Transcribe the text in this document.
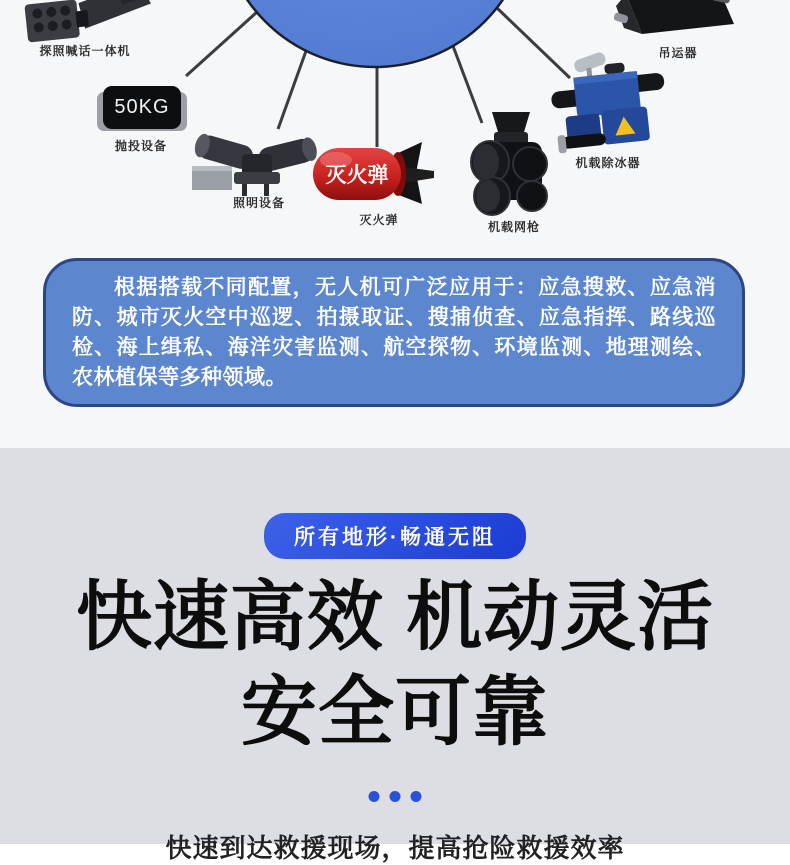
探照喊话一体机	吊运器
50KG
抛投设备
照明设备
灭火弹
灭火弹	机载网枪
机载除冰器

根据搭载不同配置，无人机可广泛应用于：应急搜救、应急消防、城市灭火空中巡逻、拍摄取证、搜捕侦查、应急指挥、路线巡检、海上缉私、海洋灾害监测、航空探物、环境监测、地理测绘、农林植保等多种领域。

所有地形·畅通无阻
快速高效 机动灵活
安全可靠

快速到达救援现场，提高抢险救援效率
